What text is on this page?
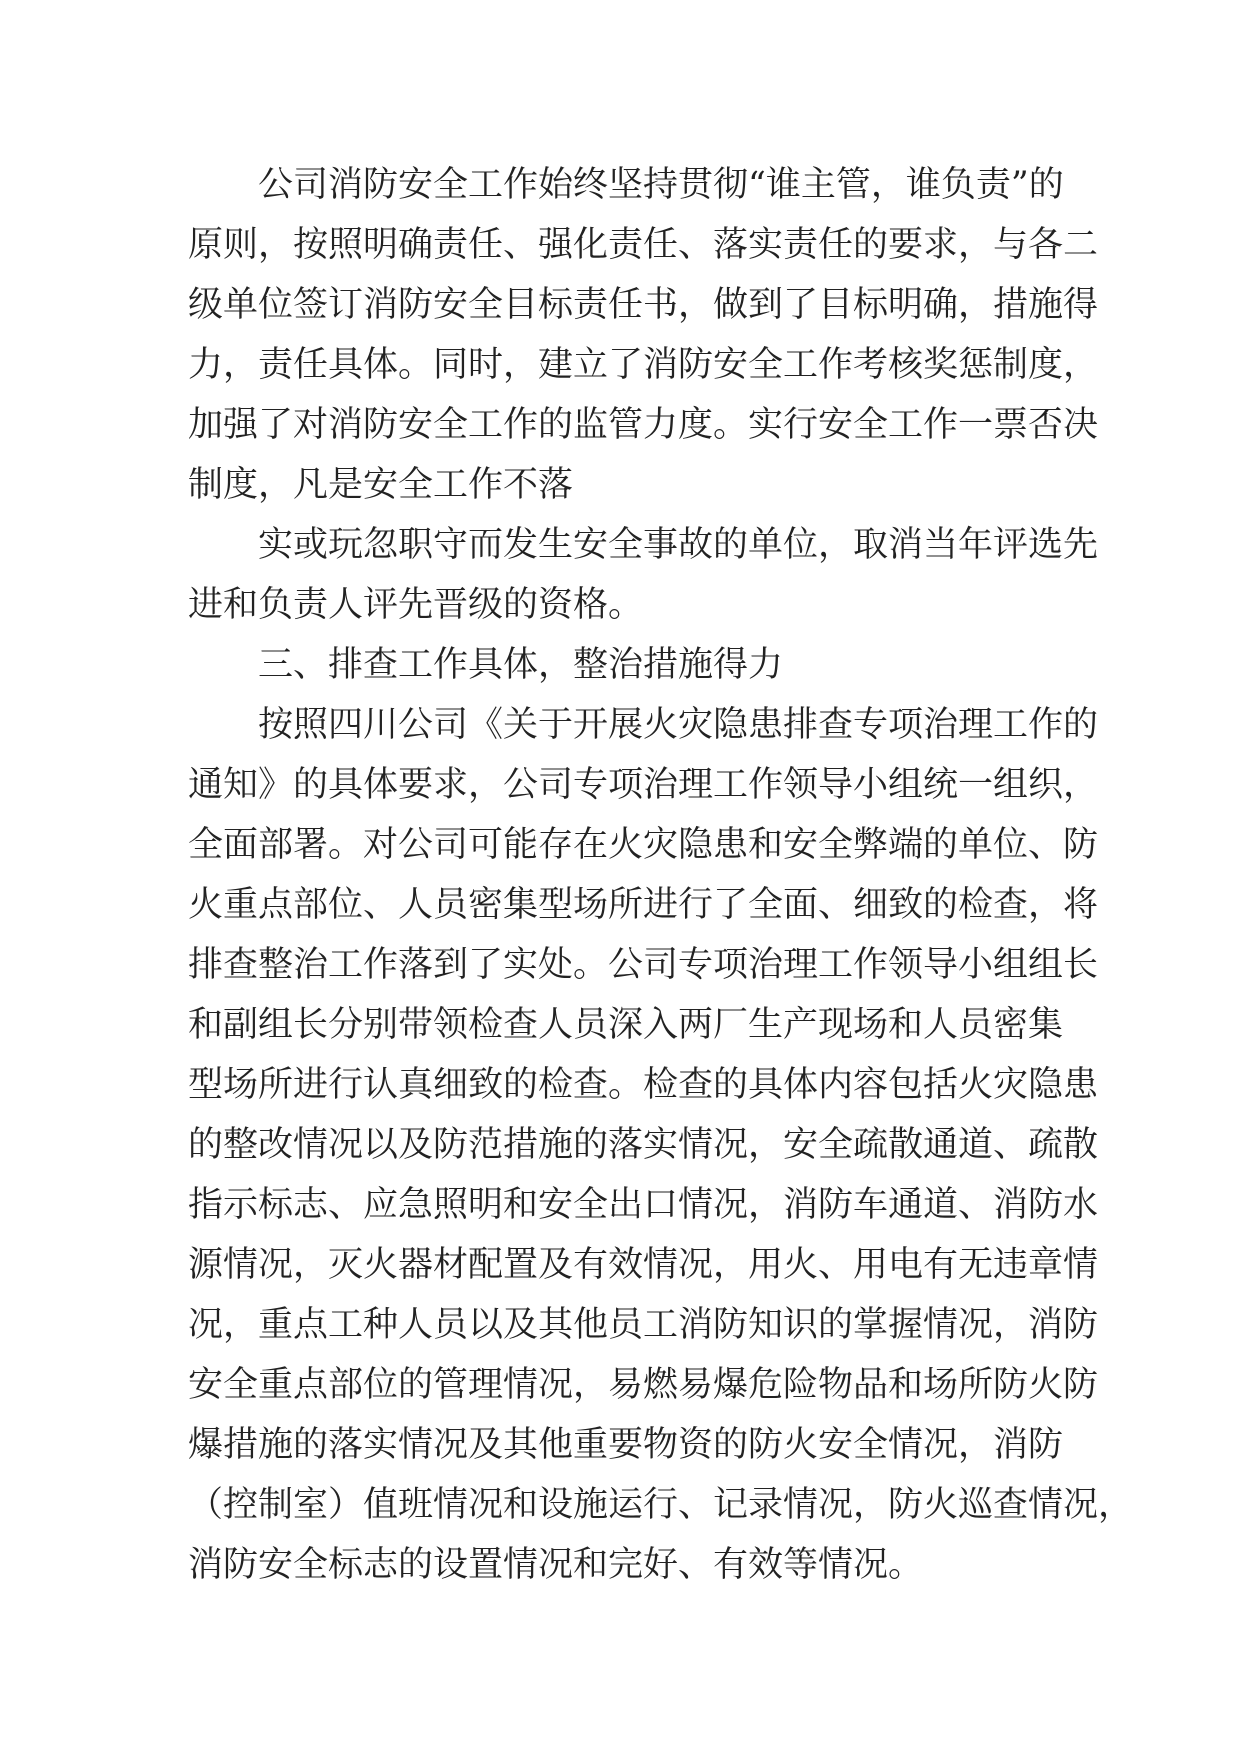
公司消防安全工作始终坚持贯彻“谁主管，谁负责”的
原则，按照明确责任、强化责任、落实责任的要求，与各二
级单位签订消防安全目标责任书，做到了目标明确，措施得
力，责任具体。同时，建立了消防安全工作考核奖惩制度，
加强了对消防安全工作的监管力度。实行安全工作一票否决
制度，凡是安全工作不落
实或玩忽职守而发生安全事故的单位，取消当年评选先
进和负责人评先晋级的资格。
三、排查工作具体，整治措施得力
按照四川公司《关于开展火灾隐患排查专项治理工作的
通知》的具体要求，公司专项治理工作领导小组统一组织，
全面部署。对公司可能存在火灾隐患和安全弊端的单位、防
火重点部位、人员密集型场所进行了全面、细致的检查，将
排查整治工作落到了实处。公司专项治理工作领导小组组长
和副组长分别带领检查人员深入两厂生产现场和人员密集
型场所进行认真细致的检查。检查的具体内容包括火灾隐患
的整改情况以及防范措施的落实情况，安全疏散通道、疏散
指示标志、应急照明和安全出口情况，消防车通道、消防水
源情况，灭火器材配置及有效情况，用火、用电有无违章情
况，重点工种人员以及其他员工消防知识的掌握情况，消防
安全重点部位的管理情况，易燃易爆危险物品和场所防火防
爆措施的落实情况及其他重要物资的防火安全情况，消防
（控制室）值班情况和设施运行、记录情况，防火巡查情况，
消防安全标志的设置情况和完好、有效等情况。
